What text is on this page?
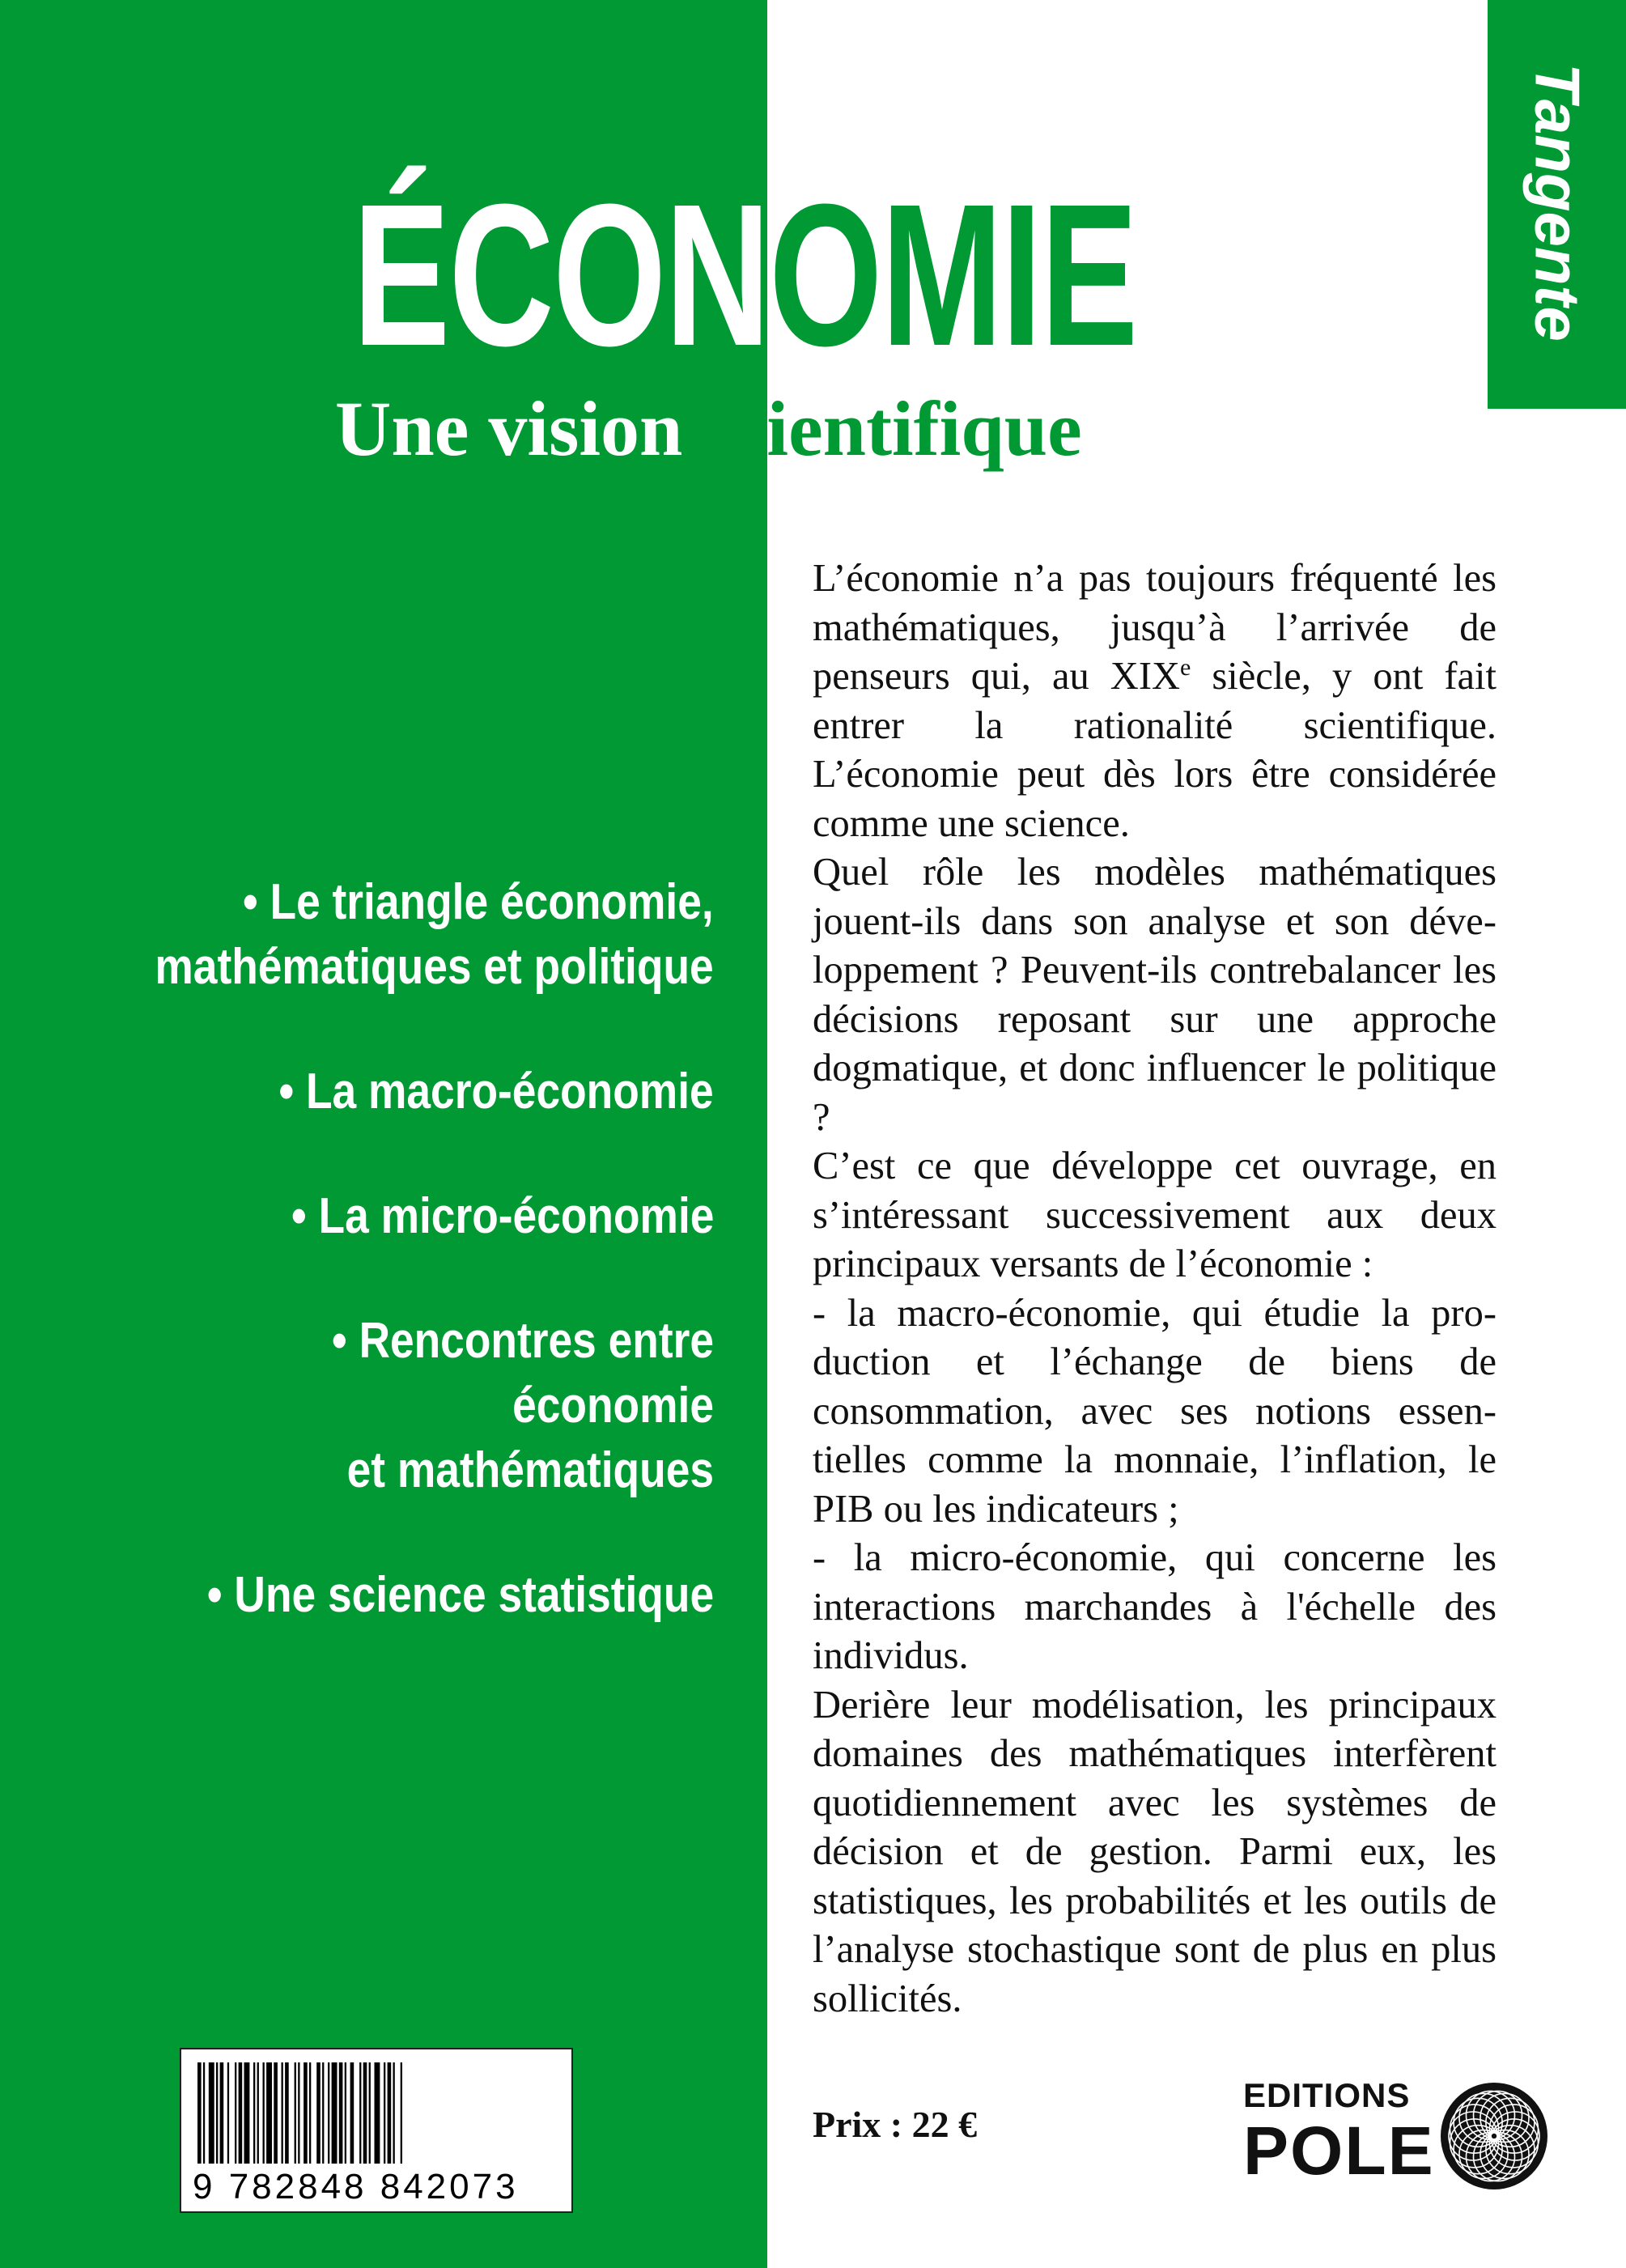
ÉCONOMIE
Une vision scientifique
Tangente
• Le triangle économie,
mathématiques et politique
• La macro-économie
• La micro-économie
• Rencontres entre économie
et mathématiques
• Une science statistique

L’économie n’a pas toujours fréquenté les mathématiques, jusqu’à l’arrivée de penseurs qui, au XIXe siècle, y ont fait entrer la rationalité scientifique. L’économie peut dès lors être considérée comme une science.

Quel rôle les modèles mathématiques jouent-ils dans son analyse et son développement ? Peuvent-ils contrebalancer les décisions reposant sur une approche dogmatique, et donc influencer le politique ?

C’est ce que développe cet ouvrage, en s’intéressant successivement aux deux principaux versants de l’économie :

- la macro-économie, qui étudie la production et l’échange de biens de consommation, avec ses notions essentielles comme la monnaie, l’inflation, le PIB ou les indicateurs ;

- la micro-économie, qui concerne les interactions marchandes à l'échelle des individus.

Derière leur modélisation, les principaux domaines des mathématiques interfèrent quotidiennement avec les systèmes de décision et de gestion. Parmi eux, les statistiques, les probabilités et les outils de l’analyse stochastique sont de plus en plus sollicités.

9 782848 842073
Prix : 22 €
EDITIONS
POLE
